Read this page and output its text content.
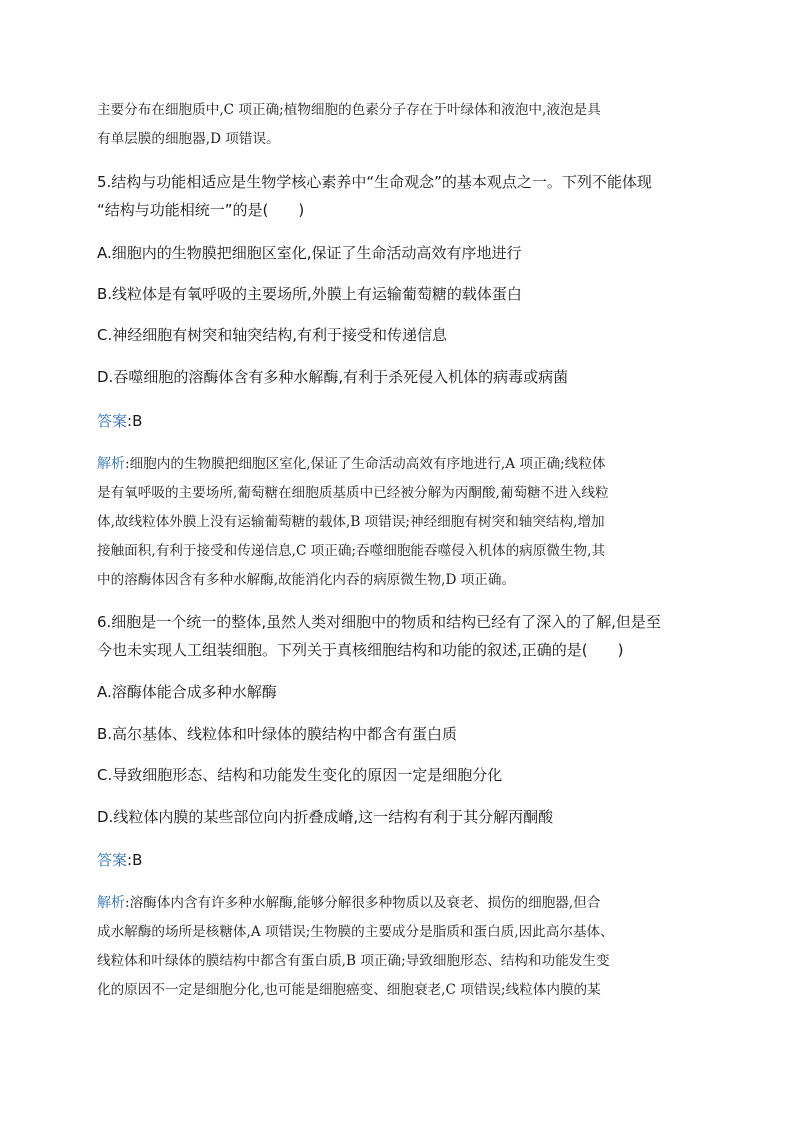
主要分布在细胞质中,C 项正确;植物细胞的色素分子存在于叶绿体和液泡中,液泡是具
有单层膜的细胞器,D 项错误。
5.结构与功能相适应是生物学核心素养中“生命观念”的基本观点之一。下列不能体现
“结构与功能相统一”的是(　　)
A.细胞内的生物膜把细胞区室化,保证了生命活动高效有序地进行
B.线粒体是有氧呼吸的主要场所,外膜上有运输葡萄糖的载体蛋白
C.神经细胞有树突和轴突结构,有利于接受和传递信息
D.吞噬细胞的溶酶体含有多种水解酶,有利于杀死侵入机体的病毒或病菌
答案:B
解析:细胞内的生物膜把细胞区室化,保证了生命活动高效有序地进行,A 项正确;线粒体
是有氧呼吸的主要场所,葡萄糖在细胞质基质中已经被分解为丙酮酸,葡萄糖不进入线粒
体,故线粒体外膜上没有运输葡萄糖的载体,B 项错误;神经细胞有树突和轴突结构,增加
接触面积,有利于接受和传递信息,C 项正确;吞噬细胞能吞噬侵入机体的病原微生物,其
中的溶酶体因含有多种水解酶,故能消化内吞的病原微生物,D 项正确。
6.细胞是一个统一的整体,虽然人类对细胞中的物质和结构已经有了深入的了解,但是至
今也未实现人工组装细胞。下列关于真核细胞结构和功能的叙述,正确的是(　　)
A.溶酶体能合成多种水解酶
B.高尔基体、线粒体和叶绿体的膜结构中都含有蛋白质
C.导致细胞形态、结构和功能发生变化的原因一定是细胞分化
D.线粒体内膜的某些部位向内折叠成嵴,这一结构有利于其分解丙酮酸
答案:B
解析:溶酶体内含有许多种水解酶,能够分解很多种物质以及衰老、损伤的细胞器,但合
成水解酶的场所是核糖体,A 项错误;生物膜的主要成分是脂质和蛋白质,因此高尔基体、
线粒体和叶绿体的膜结构中都含有蛋白质,B 项正确;导致细胞形态、结构和功能发生变
化的原因不一定是细胞分化,也可能是细胞癌变、细胞衰老,C 项错误;线粒体内膜的某
